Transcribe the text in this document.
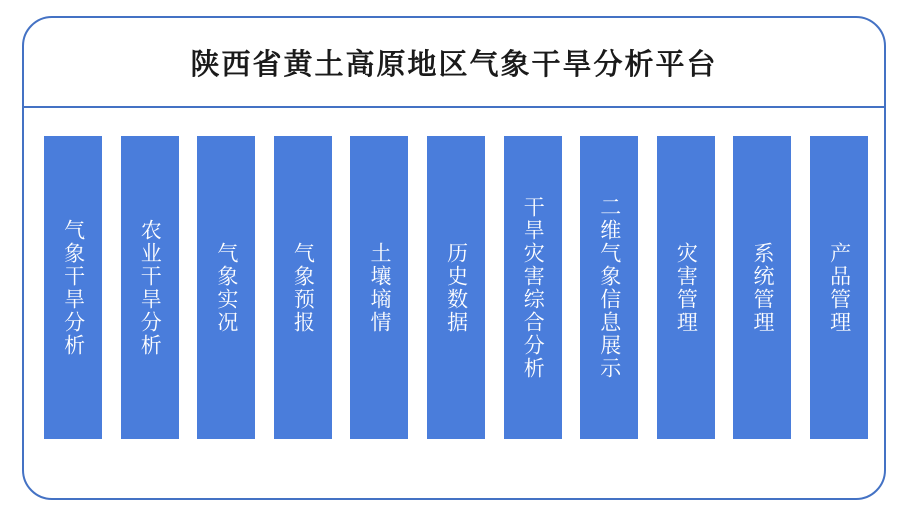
陕西省黄土高原地区气象干旱分析平台
气象干旱分析	农业干旱分析	气象实况	气象预报	土壤墒情	历史数据	干旱灾害综合分析	二维气象信息展示	灾害管理	系统管理	产品管理
